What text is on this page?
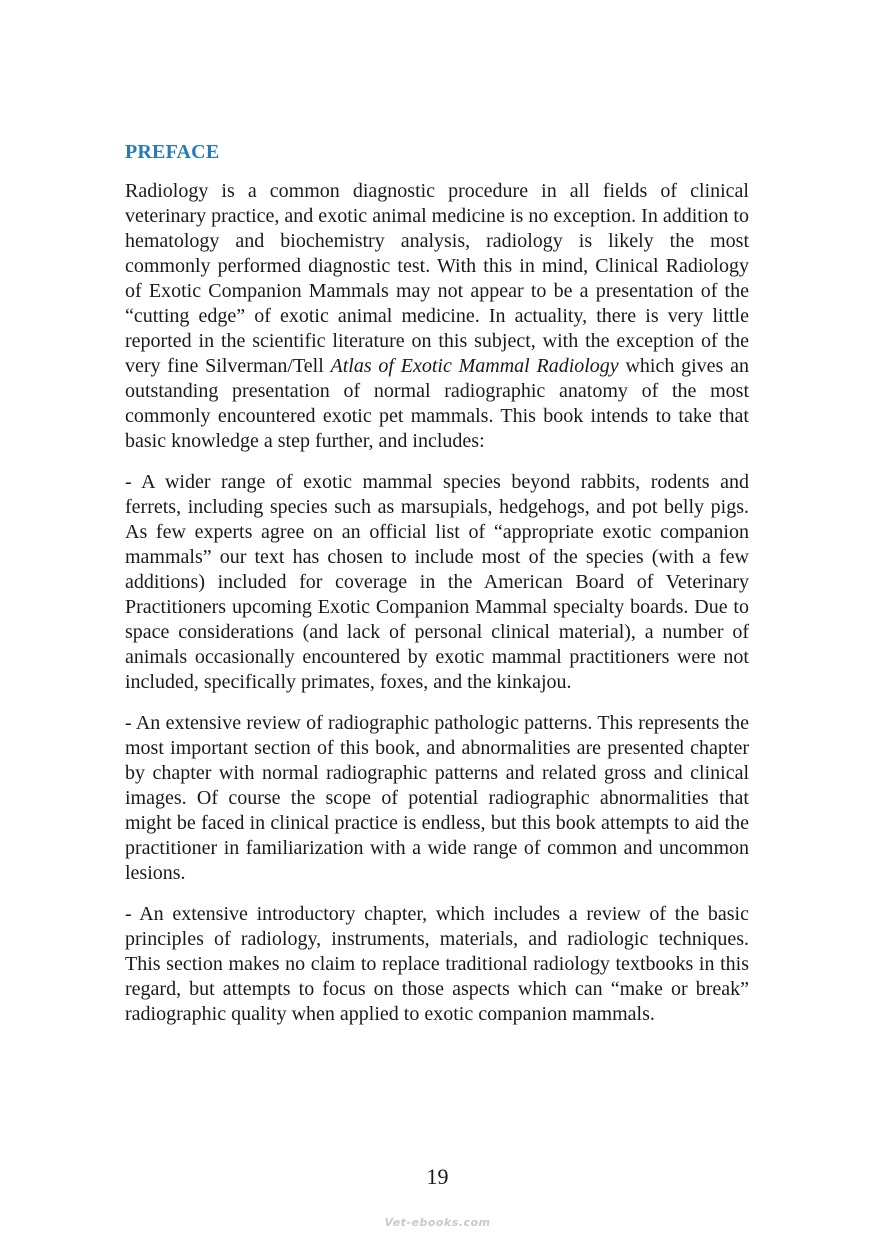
PREFACE

Radiology is a common diagnostic procedure in all fields of clinical veterinary practice, and exotic animal medicine is no exception. In addition to hematology and biochemistry analysis, radiology is likely the most commonly performed diagnostic test. With this in mind, Clinical Radiology of Exotic Companion Mammals may not appear to be a presentation of the “cutting edge” of exotic animal medicine. In actuality, there is very little reported in the scientific literature on this subject, with the exception of the very fine Silverman/Tell Atlas of Exotic Mammal Radiology which gives an outstanding presentation of normal radiographic anatomy of the most commonly encountered exotic pet mammals. This book intends to take that basic knowledge a step further, and includes:

- A wider range of exotic mammal species beyond rabbits, rodents and ferrets, including species such as marsupials, hedgehogs, and pot belly pigs. As few experts agree on an official list of “appropriate exotic companion mammals” our text has chosen to include most of the species (with a few additions) included for coverage in the American Board of Veterinary Practitioners upcoming Exotic Companion Mammal specialty boards. Due to space considerations (and lack of personal clinical material), a number of animals occasionally encountered by exotic mammal practitioners were not included, specifically primates, foxes, and the kinkajou.

- An extensive review of radiographic pathologic patterns. This represents the most important section of this book, and abnormalities are presented chapter by chapter with normal radiographic patterns and related gross and clinical images. Of course the scope of potential radiographic abnormalities that might be faced in clinical practice is endless, but this book attempts to aid the practitioner in familiarization with a wide range of common and uncommon lesions.

- An extensive introductory chapter, which includes a review of the basic principles of radiology, instruments, materials, and radiologic techniques. This section makes no claim to replace traditional radiology textbooks in this regard, but attempts to focus on those aspects which can “make or break” radiographic quality when applied to exotic companion mammals.

19
Vet-ebooks.com
